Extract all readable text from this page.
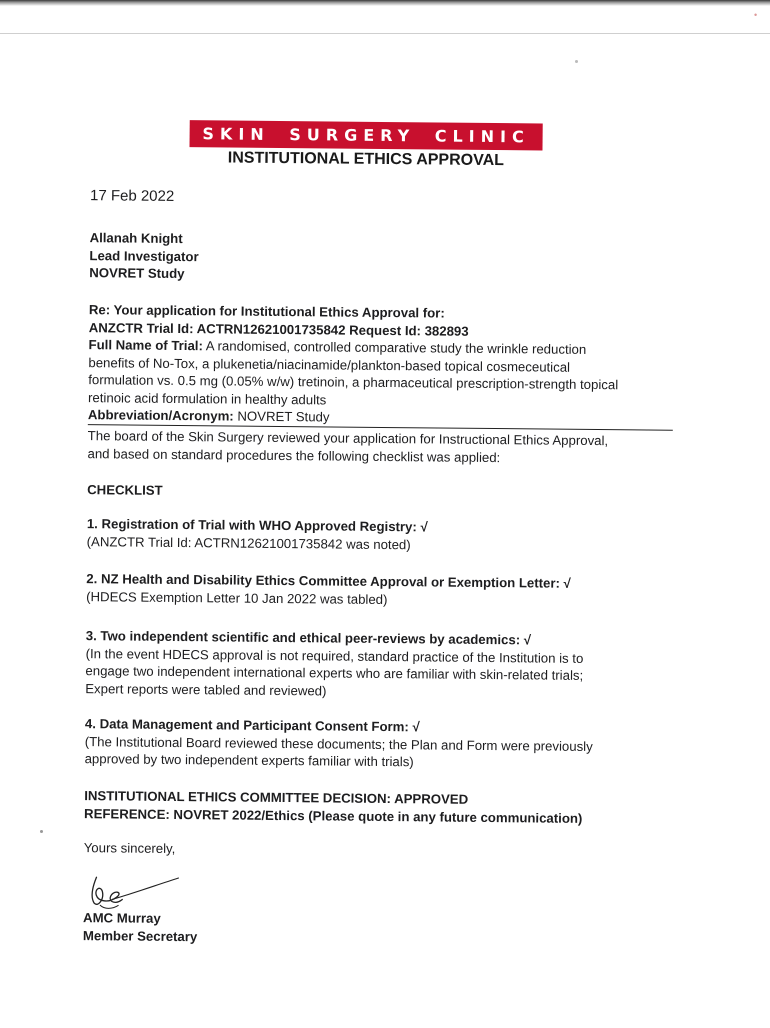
•
SKIN SURGERY CLINIC
INSTITUTIONAL ETHICS APPROVAL
17 Feb 2022
Allanah Knight
Lead Investigator
NOVRET Study
Re: Your application for Institutional Ethics Approval for:
ANZCTR Trial Id: ACTRN12621001735842 Request Id: 382893
Full Name of Trial: A randomised, controlled comparative study the wrinkle reduction
benefits of No-Tox, a plukenetia/niacinamide/plankton-based topical cosmeceutical
formulation vs. 0.5 mg (0.05% w/w) tretinoin, a pharmaceutical prescription-strength topical
retinoic acid formulation in healthy adults
Abbreviation/Acronym: NOVRET Study
The board of the Skin Surgery reviewed your application for Instructional Ethics Approval,
and based on standard procedures the following checklist was applied:
CHECKLIST
1. Registration of Trial with WHO Approved Registry: √
(ANZCTR Trial Id: ACTRN12621001735842 was noted)
2. NZ Health and Disability Ethics Committee Approval or Exemption Letter: √
(HDECS Exemption Letter 10 Jan 2022 was tabled)
3. Two independent scientific and ethical peer-reviews by academics: √
(In the event HDECS approval is not required, standard practice of the Institution is to
engage two independent international experts who are familiar with skin-related trials;
Expert reports were tabled and reviewed)
4. Data Management and Participant Consent Form: √
(The Institutional Board reviewed these documents; the Plan and Form were previously
approved by two independent experts familiar with trials)
INSTITUTIONAL ETHICS COMMITTEE DECISION: APPROVED
REFERENCE: NOVRET 2022/Ethics (Please quote in any future communication)
Yours sincerely,
AMC Murray
Member Secretary
